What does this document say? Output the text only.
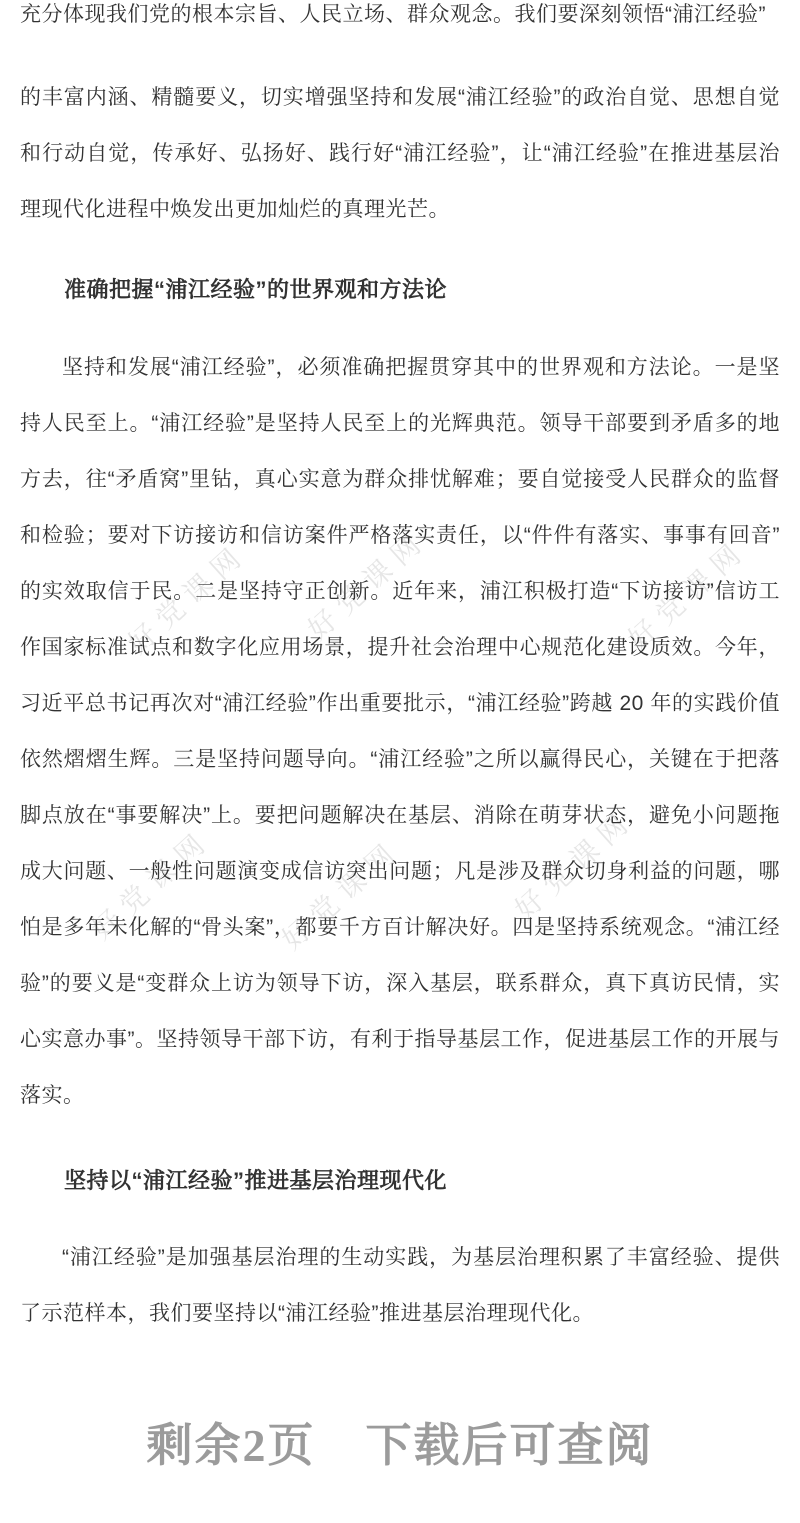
好党课网 好党课网	好党课网
好党课网 好党课网	好党课网

充分体现我们党的根本宗旨、人民立场、群众观念。我们要深刻领悟“浦江经验”

的丰富内涵、精髓要义，切实增强坚持和发展“浦江经验”的政治自觉、思想自觉和行动自觉，传承好、弘扬好、践行好“浦江经验”，让“浦江经验”在推进基层治理现代化进程中焕发出更加灿烂的真理光芒。

准确把握“浦江经验”的世界观和方法论

坚持和发展“浦江经验”，必须准确把握贯穿其中的世界观和方法论。一是坚持人民至上。“浦江经验”是坚持人民至上的光辉典范。领导干部要到矛盾多的地方去，往“矛盾窝”里钻，真心实意为群众排忧解难；要自觉接受人民群众的监督和检验；要对下访接访和信访案件严格落实责任，以“件件有落实、事事有回音”的实效取信于民。二是坚持守正创新。近年来，浦江积极打造“下访接访”信访工作国家标准试点和数字化应用场景，提升社会治理中心规范化建设质效。今年，习近平总书记再次对“浦江经验”作出重要批示，“浦江经验”跨越 20 年的实践价值依然熠熠生辉。三是坚持问题导向。“浦江经验”之所以赢得民心，关键在于把落脚点放在“事要解决”上。要把问题解决在基层、消除在萌芽状态，避免小问题拖成大问题、一般性问题演变成信访突出问题；凡是涉及群众切身利益的问题，哪怕是多年未化解的“骨头案”，都要千方百计解决好。四是坚持系统观念。“浦江经验”的要义是“变群众上访为领导下访，深入基层，联系群众，真下真访民情，实心实意办事”。坚持领导干部下访，有利于指导基层工作，促进基层工作的开展与落实。

坚持以“浦江经验”推进基层治理现代化

“浦江经验”是加强基层治理的生动实践，为基层治理积累了丰富经验、提供了示范样本，我们要坚持以“浦江经验”推进基层治理现代化。

剩余2页 下载后可查阅
